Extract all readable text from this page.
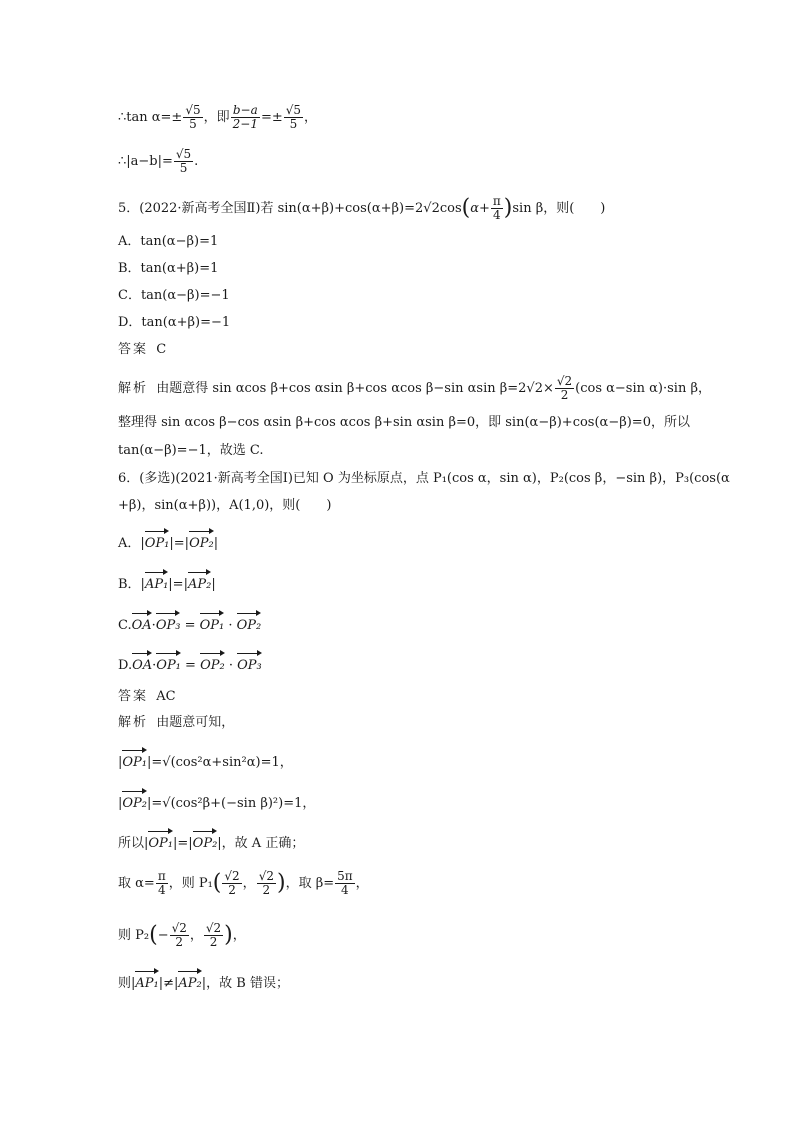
∴tan $\alpha=\pm \frac{√5}{5}$ ，即 $\frac{b-a}{2-1} =\pm \frac{√5}{5}$ ，
∴|a−b|= $\frac{√5}{5}$ .
5．(2022·新高考全国Ⅱ)若 $\sin(\alpha+\beta)+\cos(\alpha+\beta)=2√2\cos(\alpha+ \frac{\pi}{4} )\sin$ β，则(　　)
A．tan(α−β)=1
B．tan(α+β)=1
C．tan(α−β)=−1
D．tan(α+β)=−1
答案 C
解析 由题意得 sin αcos β+cos αsin β+cos αcos β−sin αsin $\beta=2√2\times \frac{√2}{2} (\cos$ α−sin α)·sin β，
整理得 sin αcos β−cos αsin β+cos αcos β+sin αsin β=0，即 sin(α−β)+cos(α−β)=0，所以
tan(α−β)=−1，故选 C.
6．(多选)(2021·新高考全国Ⅰ)已知 O 为坐标原点，点 P₁(cos α，sin α)，P₂(cos β，−sin β)，P₃(cos(α
+β)，sin(α+β))，A(1,0)，则(　　)
A．|OP₁|=|OP₂|
B．|AP₁|=|AP₂|
C.OA·OP₃ = OP₁ · OP₂
D.OA·OP₁ = OP₂ · OP₃
答案 AC
解析 由题意可知，
|OP₁|=√(cos²α+sin²α)=1，
|OP₂|=√(cos²β+(−sin β)²)=1，
所以|OP₁|=|OP₂|，故 A 正确；
取 $\alpha= \frac{\pi}{4}$ ，则 $P_1( \frac{√2}{2}$ ， $\frac{√2}{2}$ )，取 $\beta= \frac{5\pi}{4}$ ，
则 $P_2(- \frac{√2}{2}$ ， $\frac{√2}{2}$ )，
则|AP₁|≠|AP₂|，故 B 错误；
